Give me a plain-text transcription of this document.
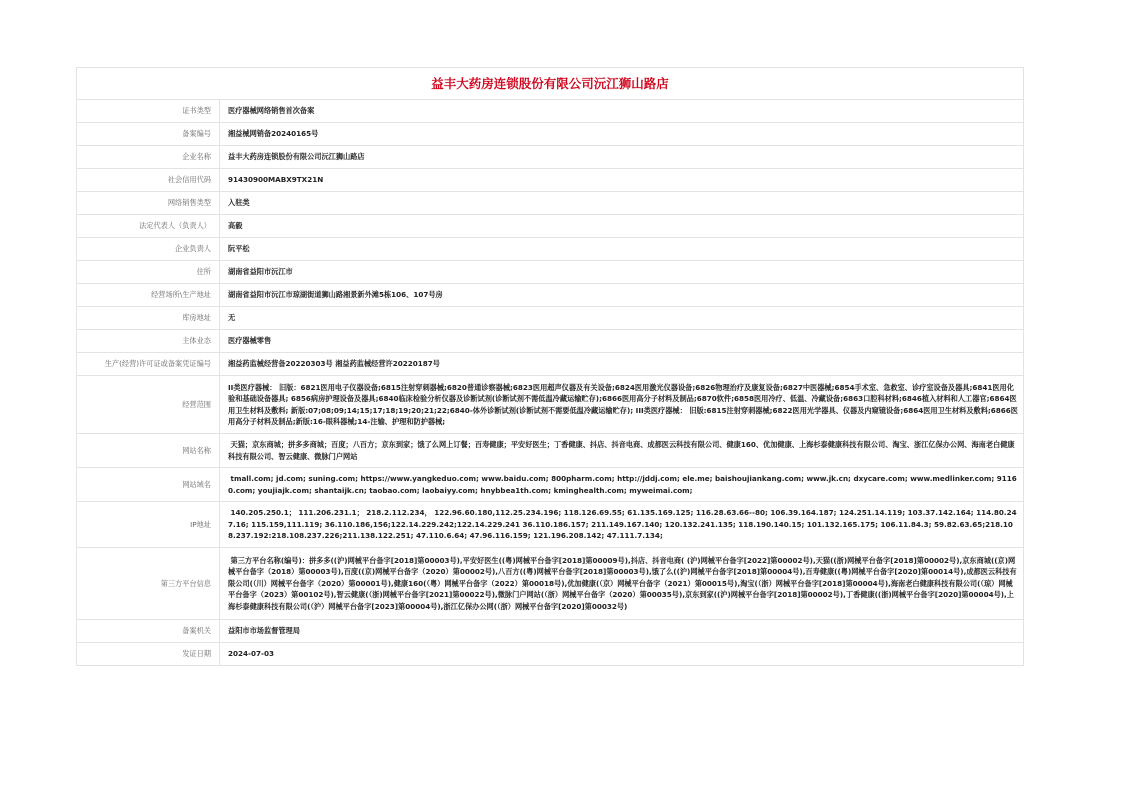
益丰大药房连锁股份有限公司沅江狮山路店
证书类型	医疗器械网络销售首次备案
备案编号	湘益械网销备20240165号
企业名称	益丰大药房连锁股份有限公司沅江狮山路店
社会信用代码	91430900MABX9TX21N
网络销售类型	入驻类
法定代表人（负责人）	高毅
企业负责人	阮平松
住所	湖南省益阳市沅江市
经营场所\生产地址	湖南省益阳市沅江市琼湖街道狮山路湘景新外滩5栋106、107号房
库房地址	无
主体业态	医疗器械零售
生产(经营)许可证或备案凭证编号	湘益药监械经营备20220303号 湘益药监械经营许20220187号
经营范围	II类医疗器械： 旧版：6821医用电子仪器设备;6815注射穿刺器械;6820普通诊察器械;6823医用超声仪器及有关设备;6824医用激光仪器设备;6826物理治疗及康复设备;6827中医器械;6854手术室、急救室、诊疗室设备及器具;6841医用化验和基础设备器具; 6856病房护理设备及器具;6840临床检验分析仪器及诊断试剂(诊断试剂不需低温冷藏运输贮存);6866医用高分子材料及制品;6870软件;6858医用冷疗、低温、冷藏设备;6863口腔科材料;6846植入材料和人工器官;6864医用卫生材料及敷料; 新版:07;08;09;14;15;17;18;19;20;21;22;6840-体外诊断试剂(诊断试剂不需要低温冷藏运输贮存); III类医疗器械： 旧版:6815注射穿刺器械;6822医用光学器具、仪器及内窥镜设备;6864医用卫生材料及敷料;6866医用高分子材料及制品;新版:16-眼科器械;14-注输、护理和防护器械;
网站名称	天猫；京东商城；拼多多商城；百度；八百方；京东到家；饿了么网上订餐；百寿健康；平安好医生；丁香健康、抖店、抖音电商、成都医云科技有限公司、健康160、优加健康、上海杉泰健康科技有限公司、淘宝、浙江亿保办公网、海南老白健康科技有限公司、智云健康、微脉门户网站
网站域名	tmall.com; jd.com; suning.com; https://www.yangkeduo.com; www.baidu.com; 800pharm.com; http://jddj.com; ele.me; baishoujiankang.com; www.jk.cn; dxycare.com; www.medlinker.com; 91160.com; youjiajk.com; shantaijk.cn; taobao.com; laobaiyy.com; hnybbea1th.com; kminghealth.com; myweimai.com;
IP地址	140.205.250.1； 111.206.231.1； 218.2.112.234， 122.96.60.180,112.25.234.196; 118.126.69.55; 61.135.169.125; 116.28.63.66--80; 106.39.164.187; 124.251.14.119; 103.37.142.164; 114.80.247.16; 115.159,111.119; 36.110.186,156;122.14.229.242;122.14.229.241 36.110.186.157; 211.149.167.140; 120.132.241.135; 118.190.140.15; 101.132.165.175; 106.11.84.3; 59.82.63.65;218.108.237.192:218.108.237.226;211.138.122.251; 47.110.6.64; 47.96.116.159; 121.196.208.142; 47.111.7.134;
第三方平台信息	第三方平台名称(编号)：拼多多((沪)网械平台备字[2018]第00003号),平安好医生((粤)网械平台备字[2018]第00009号),抖店、抖音电商( (沪)网械平台备字[2022]第00002号),天猫((浙)网械平台备字[2018]第00002号),京东商城((京)网械平台备字（2018）第00003号),百度((京)网械平台备字（2020）第00002号),八百方((粤)网械平台备字[2018]第00003号),饿了么((沪)网械平台备字[2018]第00004号),百寿健康((粤)网械平台备字[2020]第00014号),成都医云科技有限公司(（川）网械平台备字（2020）第00001号),健康160(（粤）网械平台备字（2022）第00018号),优加健康(（京）网械平台备字（2021）第00015号),淘宝(（浙）网械平台备字[2018]第00004号),海南老白健康科技有限公司(（琼）网械平台备字（2023）第00102号),智云健康(（浙)网械平台备字[2021]第00022号),微脉门户网站(（浙）网械平台备字（2020）第00035号),京东到家((沪)网械平台备字[2018]第00002号),丁香健康((浙)网械平台备字[2020]第00004号),上海杉泰健康科技有限公司(（沪）网械平台备字[2023]第00004号),浙江亿保办公网(（浙）网械平台备字[2020]第00032号)
备案机关	益阳市市场监督管理局
发证日期	2024-07-03
